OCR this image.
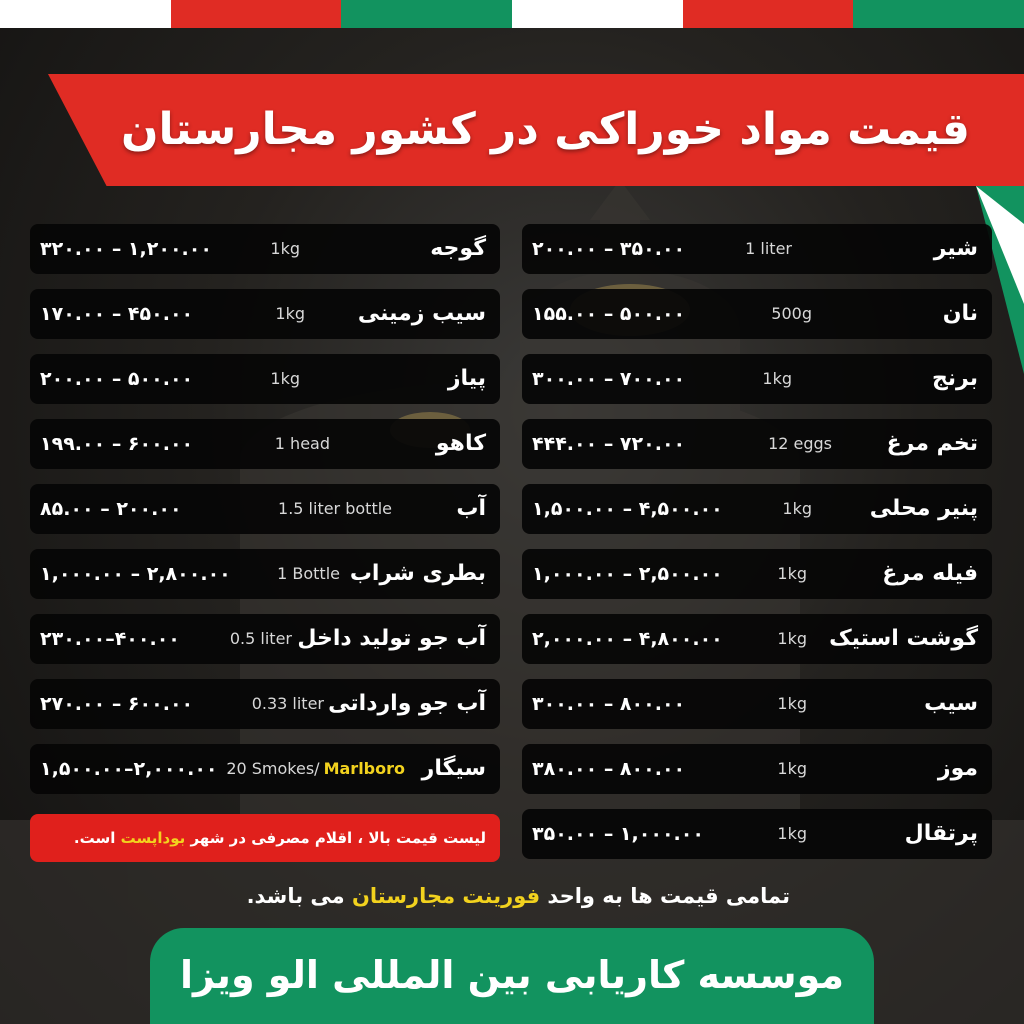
قیمت مواد خوراکی در کشور مجارستان
گوجه
1kg
۳۲۰.۰۰ – ۱,۲۰۰.۰۰
سیب زمینی
1kg
۱۷۰.۰۰ – ۴۵۰.۰۰
پیاز
1kg
۲۰۰.۰۰ – ۵۰۰.۰۰
کاهو
1 head
۱۹۹.۰۰ – ۶۰۰.۰۰
آب
1.5 liter bottle
۸۵.۰۰ – ۲۰۰.۰۰
بطری شراب
1 Bottle
۱,۰۰۰.۰۰ – ۲,۸۰۰.۰۰
آب جو تولید داخل
0.5 liter
۲۳۰.۰۰–۴۰۰.۰۰
آب جو وارداتی
0.33 liter
۲۷۰.۰۰ – ۶۰۰.۰۰
سیگار
20 Smokes/ Marlboro
۱,۵۰۰.۰۰–۲,۰۰۰.۰۰
شیر
1 liter
۲۰۰.۰۰ – ۳۵۰.۰۰
نان
500g
۱۵۵.۰۰ – ۵۰۰.۰۰
برنج
1kg
۳۰۰.۰۰ – ۷۰۰.۰۰
تخم مرغ
12 eggs
۴۴۴.۰۰ – ۷۲۰.۰۰
پنیر محلی
1kg
۱,۵۰۰.۰۰ – ۴,۵۰۰.۰۰
فیله مرغ
1kg
۱,۰۰۰.۰۰ – ۲,۵۰۰.۰۰
گوشت استیک
1kg
۲,۰۰۰.۰۰ – ۴,۸۰۰.۰۰
سیب
1kg
۳۰۰.۰۰ – ۸۰۰.۰۰
موز
1kg
۳۸۰.۰۰ – ۸۰۰.۰۰
پرتقال
1kg
۳۵۰.۰۰ – ۱,۰۰۰.۰۰
لیست قیمت بالا ، اقلام مصرفی در شهر بوداپست است.
تمامی قیمت ها به واحد فورینت مجارستان می باشد.
موسسه کاریابی بین المللی الو ویزا
